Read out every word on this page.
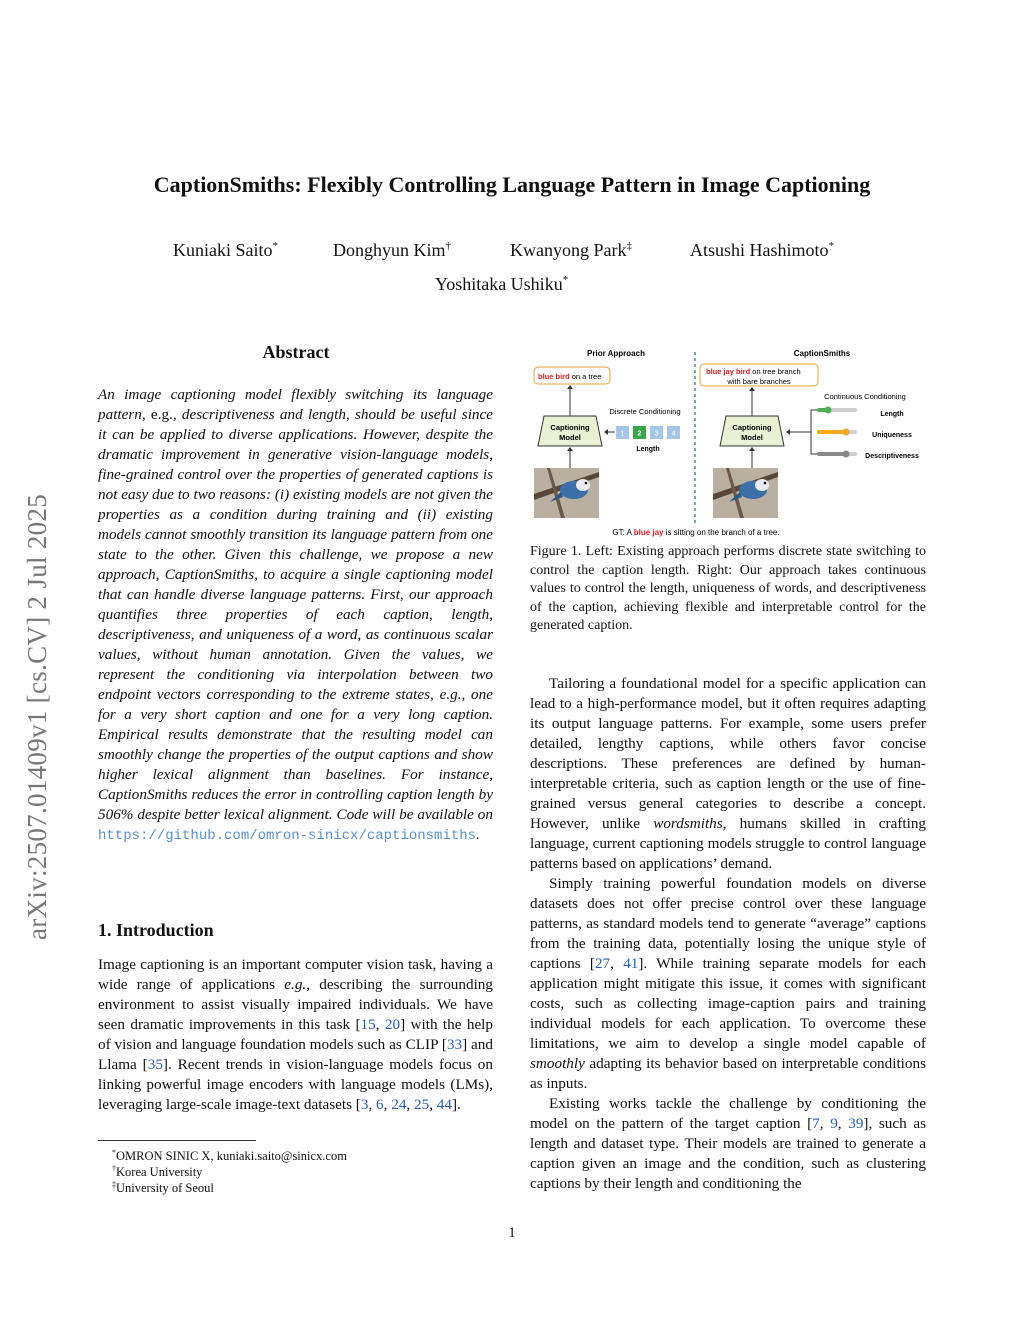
CaptionSmiths: Flexibly Controlling Language Pattern in Image Captioning
Kuniaki Saito*	Donghyun Kim†	Kwanyong Park‡	Atsushi Hashimoto*
Yoshitaka Ushiku*
arXiv:2507.01409v1 [cs.CV] 2 Jul 2025
Abstract
An image captioning model flexibly switching its language pattern, e.g., descriptiveness and length, should be useful since it can be applied to diverse applications. However, despite the dramatic improvement in generative vision-language models, fine-grained control over the properties of generated captions is not easy due to two reasons: (i) existing models are not given the properties as a condition during training and (ii) existing models cannot smoothly transition its language pattern from one state to the other. Given this challenge, we propose a new approach, CaptionSmiths, to acquire a single captioning model that can handle diverse language patterns. First, our approach quantifies three properties of each caption, length, descriptiveness, and uniqueness of a word, as continuous scalar values, without human annotation. Given the values, we represent the conditioning via interpolation between two endpoint vectors corresponding to the extreme states, e.g., one for a very short caption and one for a very long caption. Empirical results demonstrate that the resulting model can smoothly change the properties of the output captions and show higher lexical alignment than baselines. For instance, CaptionSmiths reduces the error in controlling caption length by 506% despite better lexical alignment. Code will be available on https://github.com/omron-sinicx/captionsmiths.
1. Introduction

Image captioning is an important computer vision task, having a wide range of applications e.g., describing the surrounding environment to assist visually impaired individuals. We have seen dramatic improvements in this task [15, 20] with the help of vision and language foundation models such as CLIP [33] and Llama [35]. Recent trends in vision-language models focus on linking powerful image encoders with language models (LMs), leveraging large-scale image-text datasets [3, 6, 24, 25, 44].

*OMRON SINIC X, kuniaki.saito@sinicx.com
†Korea University
‡University of Seoul
Prior Approach	CaptionSmiths
blue bird on a tree
Captioning
Model
Discrete Conditioning
1 2 3 4
Length
blue jay bird on tree branch
with bare branches
Captioning
Model
Continuous Conditioning
Length
Uniqueness
Descriptiveness
GT: A blue jay is sitting on the branch of a tree.
Figure 1. Left: Existing approach performs discrete state switching to control the caption length. Right: Our approach takes continuous values to control the length, uniqueness of words, and descriptiveness of the caption, achieving flexible and interpretable control for the generated caption.

Tailoring a foundational model for a specific application can lead to a high-performance model, but it often requires adapting its output language patterns. For example, some users prefer detailed, lengthy captions, while others favor concise descriptions. These preferences are defined by human-interpretable criteria, such as caption length or the use of fine-grained versus general categories to describe a concept. However, unlike wordsmiths, humans skilled in crafting language, current captioning models struggle to control language patterns based on applications’ demand.

Simply training powerful foundation models on diverse datasets does not offer precise control over these language patterns, as standard models tend to generate “average” captions from the training data, potentially losing the unique style of captions [27, 41]. While training separate models for each application might mitigate this issue, it comes with significant costs, such as collecting image-caption pairs and training individual models for each application. To overcome these limitations, we aim to develop a single model capable of smoothly adapting its behavior based on interpretable conditions as inputs.

Existing works tackle the challenge by conditioning the model on the pattern of the target caption [7, 9, 39], such as length and dataset type. Their models are trained to generate a caption given an image and the condition, such as clustering captions by their length and conditioning the

1
